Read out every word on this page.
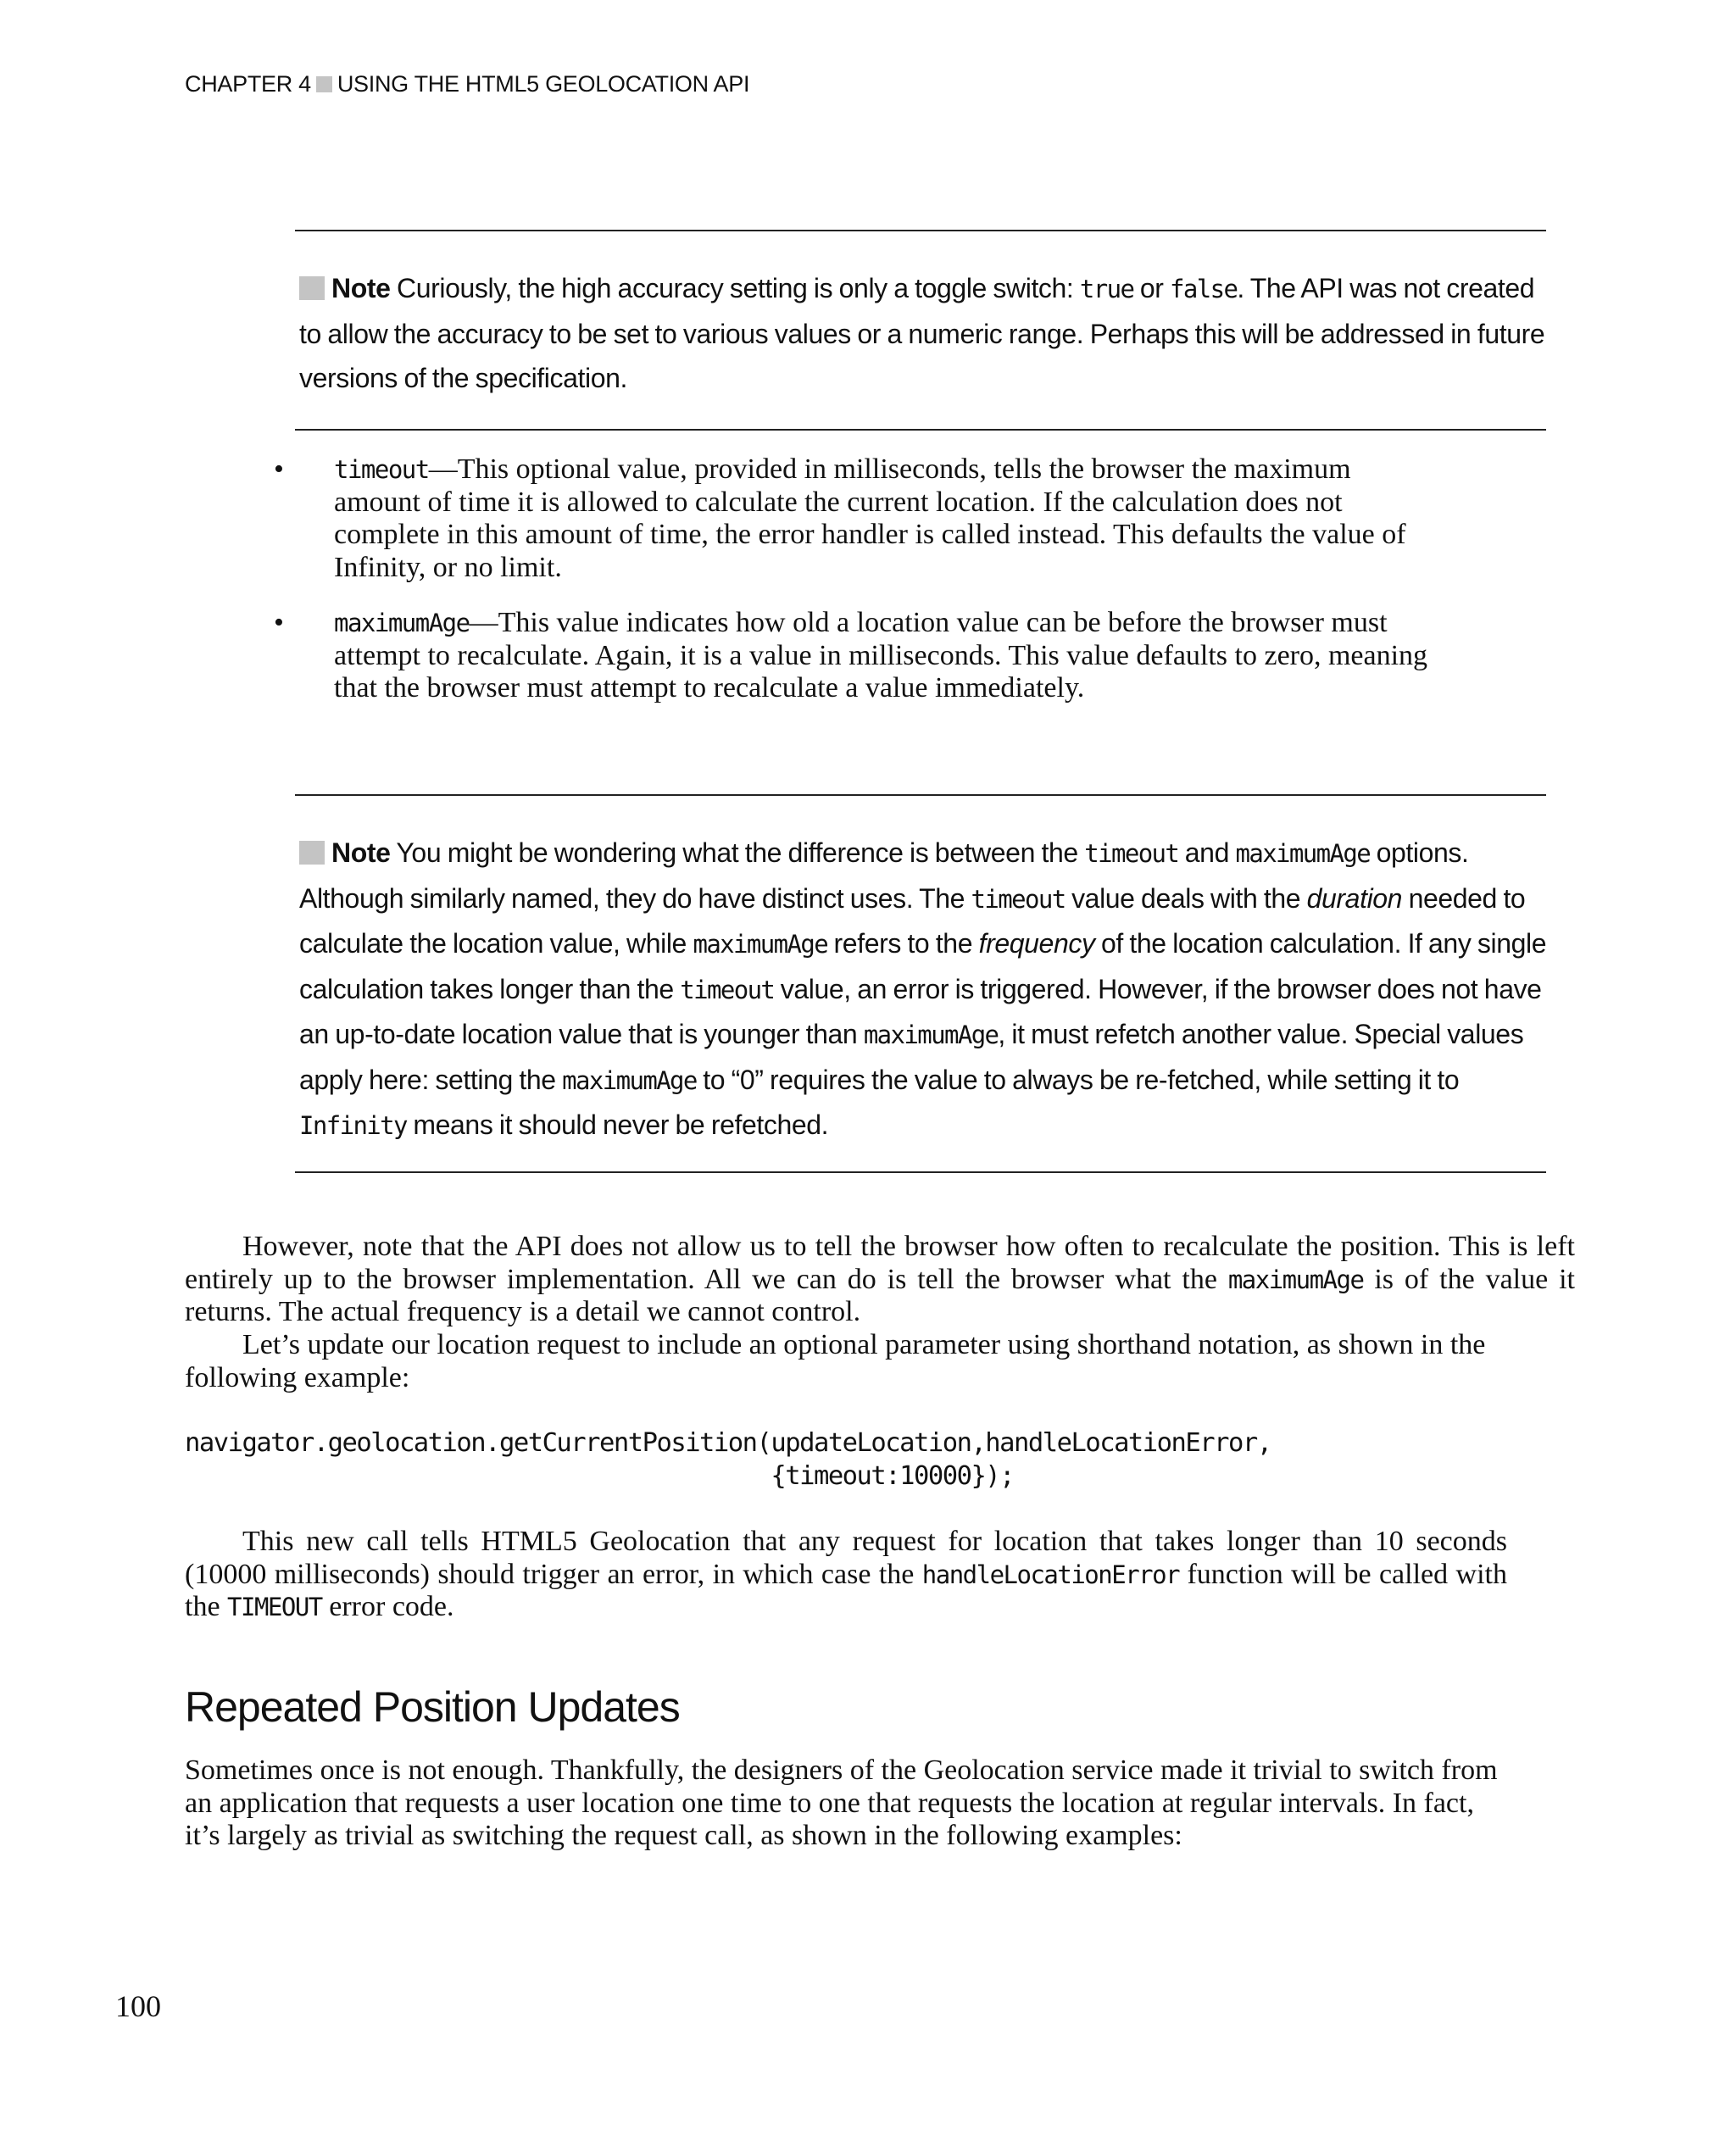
CHAPTER 4 USING THE HTML5 GEOLOCATION API
Note Curiously, the high accuracy setting is only a toggle switch: true or false. The API was not created to allow the accuracy to be set to various values or a numeric range. Perhaps this will be addressed in future versions of the specification.
• timeout—This optional value, provided in milliseconds, tells the browser the maximum amount of time it is allowed to calculate the current location. If the calculation does not complete in this amount of time, the error handler is called instead. This defaults the value of Infinity, or no limit.
• maximumAge—This value indicates how old a location value can be before the browser must attempt to recalculate. Again, it is a value in milliseconds. This value defaults to zero, meaning that the browser must attempt to recalculate a value immediately.
Note You might be wondering what the difference is between the timeout and maximumAge options. Although similarly named, they do have distinct uses. The timeout value deals with the duration needed to calculate the location value, while maximumAge refers to the frequency of the location calculation. If any single calculation takes longer than the timeout value, an error is triggered. However, if the browser does not have an up-to-date location value that is younger than maximumAge, it must refetch another value. Special values apply here: setting the maximumAge to “0” requires the value to always be re-fetched, while setting it to Infinity means it should never be refetched.
However, note that the API does not allow us to tell the browser how often to recalculate the position. This is left entirely up to the browser implementation. All we can do is tell the browser what the maximumAge is of the value it returns. The actual frequency is a detail we cannot control.
Let’s update our location request to include an optional parameter using shorthand notation, as shown in the following example:
navigator.geolocation.getCurrentPosition(updateLocation,handleLocationError,
{timeout:10000});
This new call tells HTML5 Geolocation that any request for location that takes longer than 10 seconds (10000 milliseconds) should trigger an error, in which case the handleLocationError function will be called with the TIMEOUT error code.
Repeated Position Updates
Sometimes once is not enough. Thankfully, the designers of the Geolocation service made it trivial to switch from an application that requests a user location one time to one that requests the location at regular intervals. In fact, it’s largely as trivial as switching the request call, as shown in the following examples:
100
